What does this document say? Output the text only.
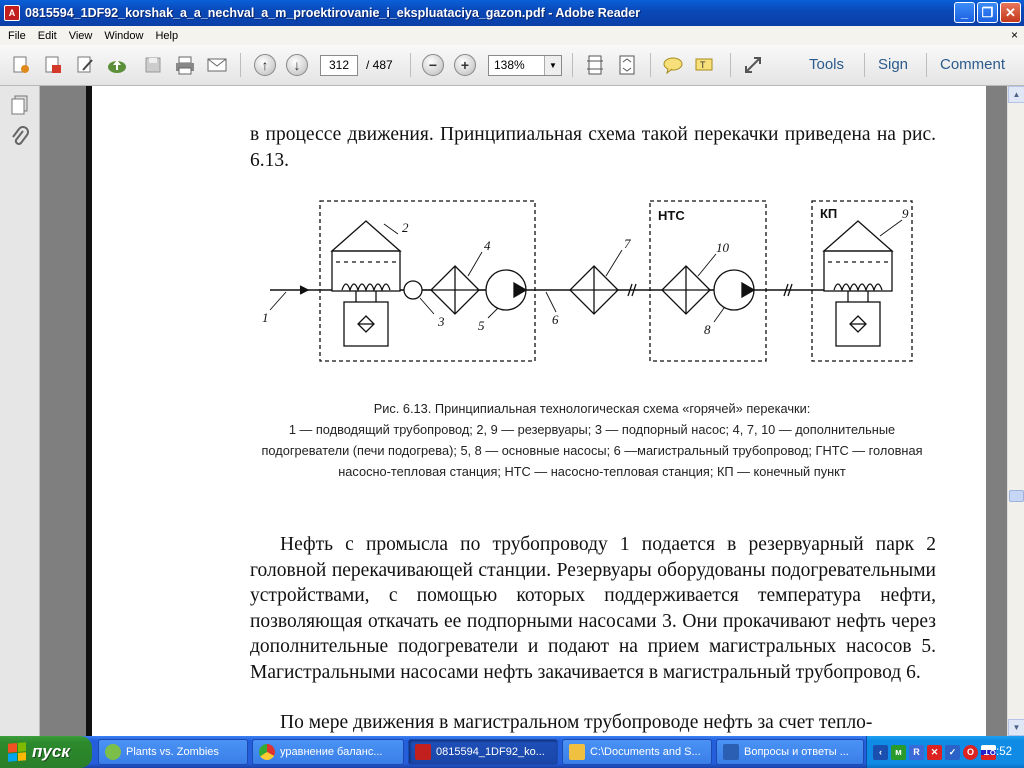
A 0815594_1DF92_korshak_a_a_nechval_a_m_proektirovanie_i_ekspluataciya_gazon.pdf - Adobe Reader	_	❐ ✕
File	Edit	View	Window	Help	×
↑	↓	312	/ 487	−	+	138%	▼	T	Tools Sign Comment
в процессе движения. Принципиальная схема такой перекачки приведена на рис. 6.13.
НТС	КП
1
2
3
4
5	6
7
8
9
10
Рис. 6.13. Принципиальная технологическая схема «горячей» перекачки:
1 — подводящий трубопровод; 2, 9 — резервуары; 3 — подпорный насос; 4, 7, 10 — дополнительные подогреватели (печи подогрева); 5, 8 — основные насосы; 6 —магистральный трубопровод; ГНТС — головная насосно-тепловая станция; НТС — насосно-тепловая станция; КП — конечный пункт
Нефть с промысла по трубопроводу 1 подается в резервуарный парк 2 головной перекачивающей станции. Резервуары оборудованы подогревательными устройствами, с помощью которых поддерживается температура нефти, позволяющая откачать ее подпорными насосами 3. Они прокачивают нефть через дополнительные подогреватели и подают на прием магистральных насосов 5. Магистральными насосами нефть закачивается в магистральный трубопровод 6.
По мере движения в магистральном трубопроводе нефть за счет тепло-
▲
▼
пуск	Plants vs. Zombies	уравнение баланс...	0815594_1DF92_ko...	C:\Documents and S...	Вопросы и ответы ...	‹	м	R	✕	✓	O 18:52
